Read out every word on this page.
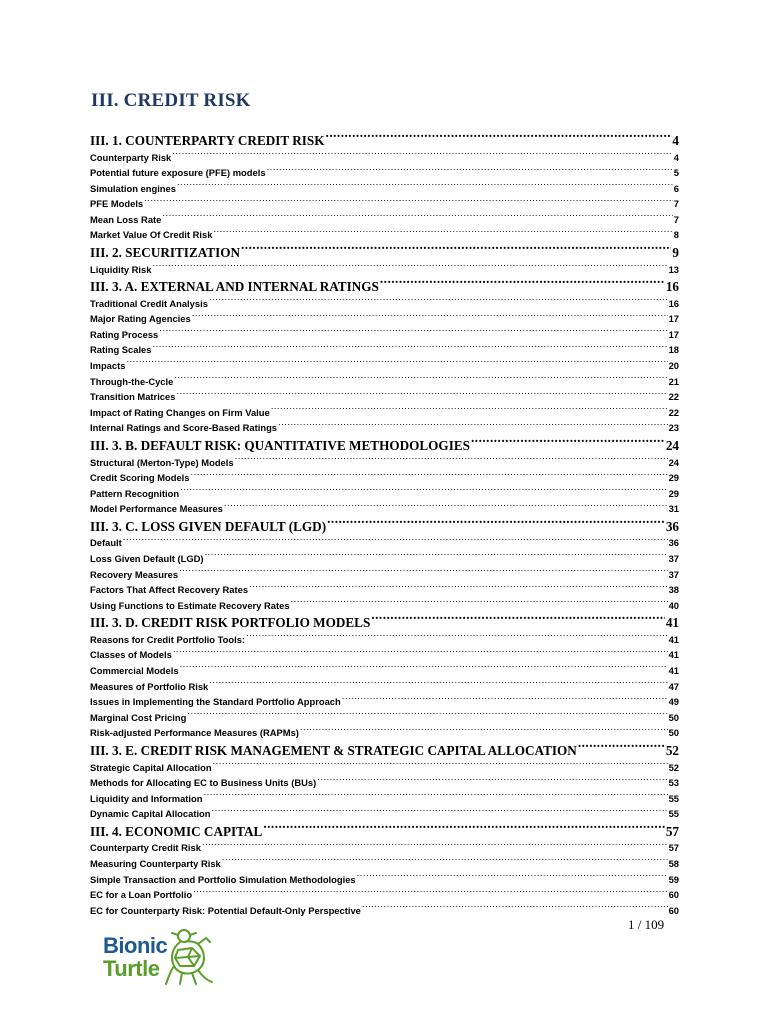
III. CREDIT RISK
III. 1. COUNTERPARTY CREDIT RISK .....	4
Counterparty Risk .....	4
Potential future exposure (PFE) models .....	5
Simulation engines .....	6
PFE Models .....	7
Mean Loss Rate .....	7
Market Value Of Credit Risk .....	8
III. 2. SECURITIZATION .....	9
Liquidity Risk .....	13
III. 3. A. EXTERNAL AND INTERNAL RATINGS .....	16
Traditional Credit Analysis .....	16
Major Rating Agencies .....	17
Rating Process .....	17
Rating Scales .....	18
Impacts .....	20
Through-the-Cycle .....	21
Transition Matrices .....	22
Impact of Rating Changes on Firm Value .....	22
Internal Ratings and Score-Based Ratings .....	23
III. 3. B. DEFAULT RISK: QUANTITATIVE METHODOLOGIES .....	24
Structural (Merton-Type) Models .....	24
Credit Scoring Models .....	29
Pattern Recognition .....	29
Model Performance Measures .....	31
III. 3. C. LOSS GIVEN DEFAULT (LGD) .....	36
Default .....	36
Loss Given Default (LGD) .....	37
Recovery Measures .....	37
Factors That Affect Recovery Rates .....	38
Using Functions to Estimate Recovery Rates .....	40
III. 3. D. CREDIT RISK PORTFOLIO MODELS .....	41
Reasons for Credit Portfolio Tools: .....	41
Classes of Models .....	41
Commercial Models .....	41
Measures of Portfolio Risk .....	47
Issues in Implementing the Standard Portfolio Approach .....	49
Marginal Cost Pricing .....	50
Risk-adjusted Performance Measures (RAPMs) .....	50
III. 3. E. CREDIT RISK MANAGEMENT & STRATEGIC CAPITAL ALLOCATION .....	52
Strategic Capital Allocation .....	52
Methods for Allocating EC to Business Units (BUs) .....	53
Liquidity and Information .....	55
Dynamic Capital Allocation .....	55
III. 4. ECONOMIC CAPITAL .....	57
Counterparty Credit Risk .....	57
Measuring Counterparty Risk .....	58
Simple Transaction and Portfolio Simulation Methodologies .....	59
EC for a Loan Portfolio .....	60
EC for Counterparty Risk: Potential Default-Only Perspective .....	60
1 / 109
Bionic
Turtle
